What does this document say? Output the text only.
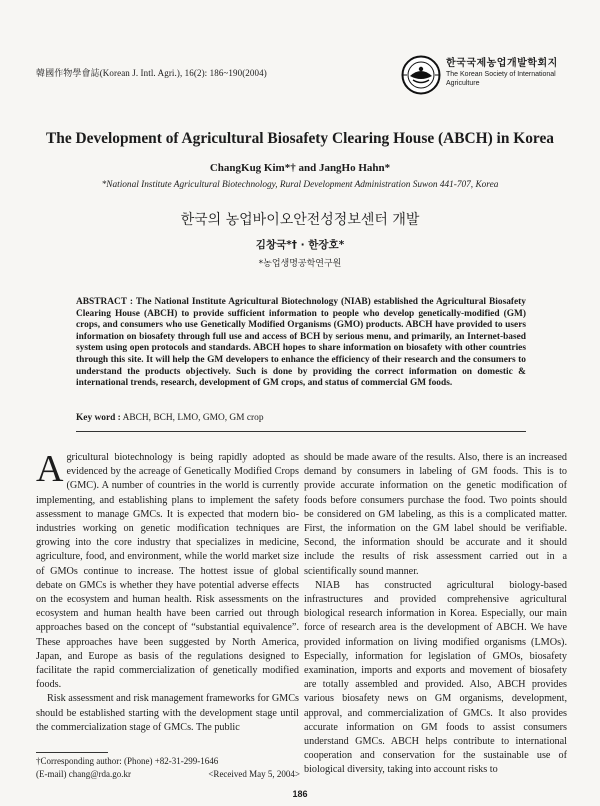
韓國作物學會誌(Korean J. Intl. Agri.), 16(2): 186~190(2004)
한국국제농업개발학회지
The Korean Society of International
Agriculture
The Development of Agricultural Biosafety Clearing House (ABCH) in Korea
ChangKug Kim*† and JangHo Hahn*
*National Institute Agricultural Biotechnology, Rural Development Administration Suwon 441-707, Korea
한국의 농업바이오안전성정보센터 개발
김창국*† · 한장호*
*농업생명공학연구원

ABSTRACT : The National Institute Agricultural Biotechnology (NIAB) established the Agricultural Biosafety Clearing House (ABCH) to provide sufficient information to people who develop genetically-modified (GM) crops, and consumers who use Genetically Modified Organisms (GMO) products. ABCH have provided to users information on biosafety through full use and access of BCH by serious menu, and primarily, an Internet-based system using open protocols and standards. ABCH hopes to share information on biosafety with other countries through this site. It will help the GM developers to enhance the efficiency of their research and the consumers to understand the products objectively. Such is done by providing the correct information on domestic & international trends, research, development of GM crops, and status of commercial GM foods.

Key word : ABCH, BCH, LMO, GMO, GM crop

Agricultural biotechnology is being rapidly adopted as evidenced by the acreage of Genetically Modified Crops (GMC). A number of countries in the world is currently implementing, and establishing plans to implement the safety assessment to manage GMCs. It is expected that modern bio-industries working on genetic modification techniques are growing into the core industry that specializes in medicine, agriculture, food, and environment, while the world market size of GMOs continue to increase. The hottest issue of global debate on GMCs is whether they have potential adverse effects on the ecosystem and human health. Risk assessments on the ecosystem and human health have been carried out through approaches based on the concept of “substantial equivalence”. These approaches have been suggested by North America, Japan, and Europe as basis of the regulations designed to facilitate the rapid commercialization of genetically modified foods.

Risk assessment and risk management frameworks for GMCs should be established starting with the development stage until the commercialization stage of GMCs. The public

should be made aware of the results. Also, there is an increased demand by consumers in labeling of GM foods. This is to provide accurate information on the genetic modification of foods before consumers purchase the food. Two points should be considered on GM labeling, as this is a complicated matter. First, the information on the GM label should be verifiable. Second, the information should be accurate and it should include the results of risk assessment carried out in a scientifically sound manner.

NIAB has constructed agricultural biology-based infrastructures and provided comprehensive agricultural biological research information in Korea. Especially, our main force of research area is the development of ABCH. We have provided information on living modified organisms (LMOs). Especially, information for legislation of GMOs, biosafety examination, imports and exports and movement of biosafety are totally assembled and provided. Also, ABCH provides various biosafety news on GM organisms, development, approval, and commercialization of GMCs. It also provides accurate information on GM foods to assist consumers understand GMCs. ABCH helps contribute to international cooperation and conservation for the sustainable use of biological diversity, taking into account risks to

†Corresponding author: (Phone) +82-31-299-1646
(E-mail) chang@rda.go.kr	<Received May 5, 2004>
186
